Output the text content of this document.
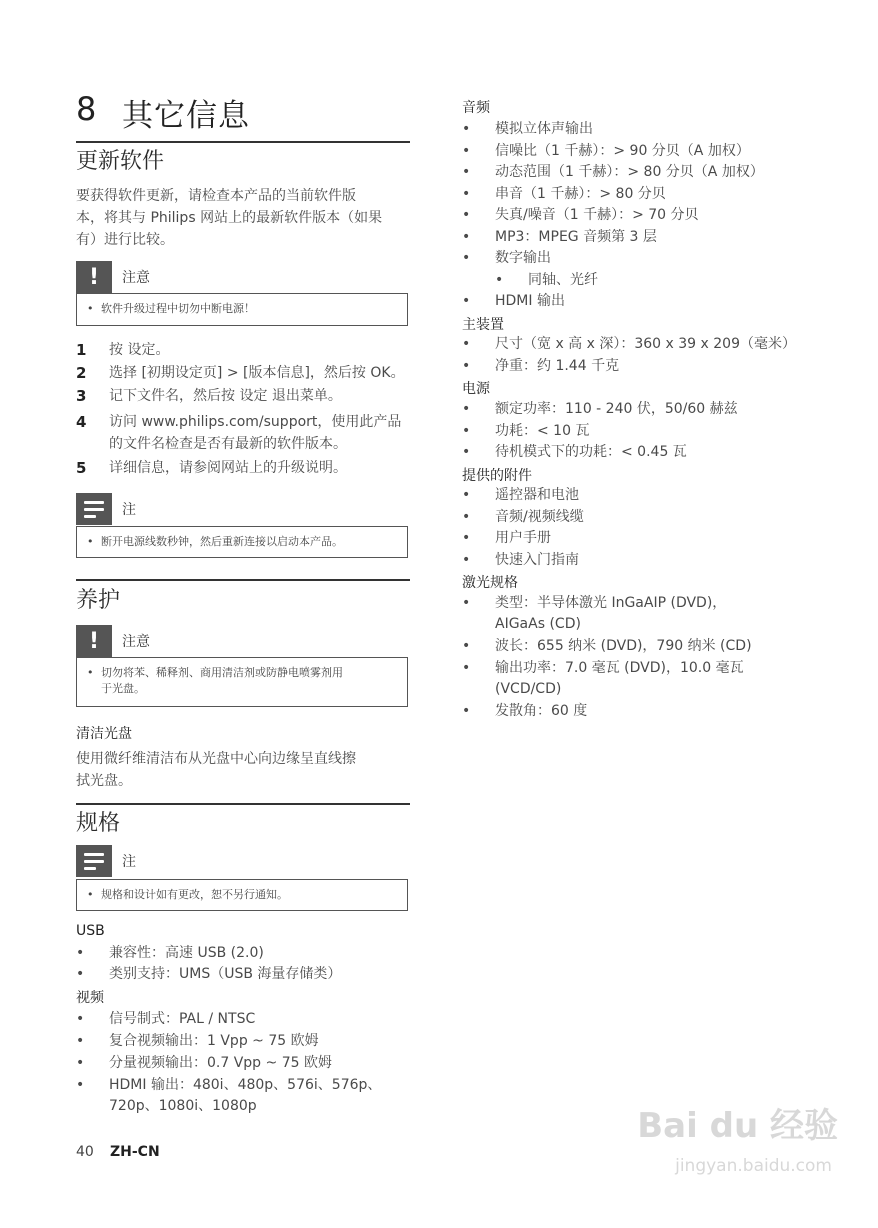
8 其它信息
更新软件
要获得软件更新，请检查本产品的当前软件版
本，将其与 Philips 网站上的最新软件版本（如果
有）进行比较。
!	注意
• 软件升级过程中切勿中断电源！
1 按 设定。
2 选择 [初期设定页] > [版本信息]，然后按 OK。
3 记下文件名，然后按 设定 退出菜单。
4 访问 www.philips.com/support，使用此产品
的文件名检查是否有最新的软件版本。
5 详细信息，请参阅网站上的升级说明。
注
• 断开电源线数秒钟，然后重新连接以启动本产品。
养护
!	注意
• 切勿将苯、稀释剂、商用清洁剂或防静电喷雾剂用
于光盘。
清洁光盘
使用微纤维清洁布从光盘中心向边缘呈直线擦
拭光盘。
规格
注
• 规格和设计如有更改，恕不另行通知。
USB
• 兼容性：高速 USB (2.0)
• 类别支持：UMS（USB 海量存储类）
视频
• 信号制式：PAL / NTSC
• 复合视频输出：1 Vpp ~ 75 欧姆
• 分量视频输出：0.7 Vpp ~ 75 欧姆
• HDMI 输出：480i、480p、576i、576p、
720p、1080i、1080p
音频
• 模拟立体声输出
• 信噪比（1 千赫）：> 90 分贝（A 加权）
• 动态范围（1 千赫）：> 80 分贝（A 加权）
• 串音（1 千赫）：> 80 分贝
• 失真/噪音（1 千赫）：> 70 分贝
• MP3：MPEG 音频第 3 层
• 数字输出
• 同轴、光纤
• HDMI 输出
主装置
• 尺寸（宽 x 高 x 深）：360 x 39 x 209（毫米）
• 净重：约 1.44 千克
电源
• 额定功率：110 - 240 伏，50/60 赫兹
• 功耗：< 10 瓦
• 待机模式下的功耗：< 0.45 瓦
提供的附件
• 遥控器和电池
• 音频/视频线缆
• 用户手册
• 快速入门指南
激光规格
• 类型：半导体激光 InGaAIP (DVD)，
AIGaAs (CD)
• 波长：655 纳米 (DVD)，790 纳米 (CD)
• 输出功率：7.0 毫瓦 (DVD)，10.0 毫瓦
(VCD/CD)
• 发散角：60 度
40 ZH-CN
Bai du 经验
jingyan.baidu.com
